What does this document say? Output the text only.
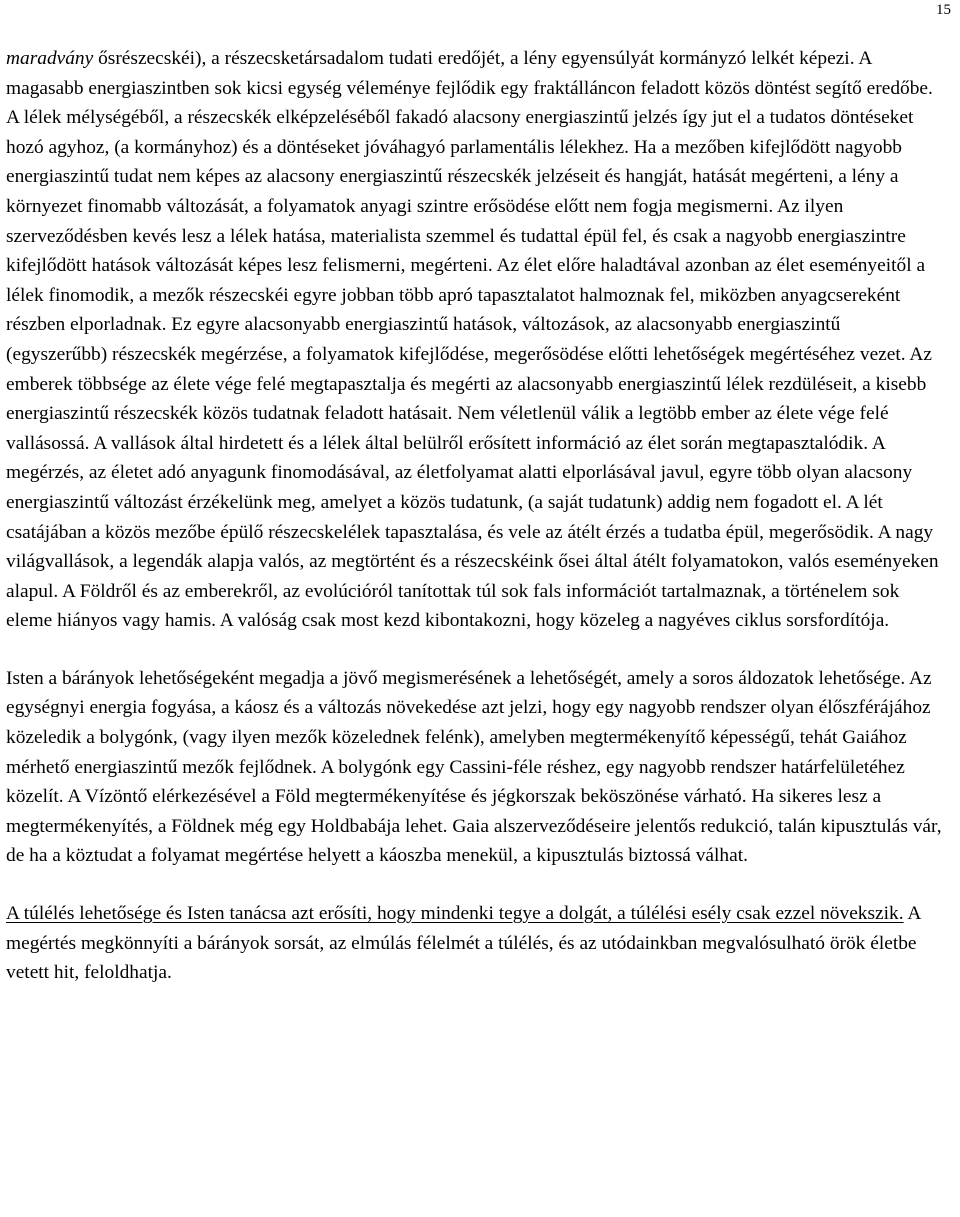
15

maradvány ősrészecskéi), a részecsketársadalom tudati eredőjét, a lény egyensúlyát kormányzó lelkét képezi. A magasabb energiaszintben sok kicsi egység véleménye fejlődik egy fraktálláncon feladott közös döntést segítő eredőbe. A lélek mélységéből, a részecskék elképzeléséből fakadó alacsony energiaszintű jelzés így jut el a tudatos döntéseket hozó agyhoz, (a kormányhoz) és a döntéseket jóváhagyó parlamentális lélekhez. Ha a mezőben kifejlődött nagyobb energiaszintű tudat nem képes az alacsony energiaszintű részecskék jelzéseit és hangját, hatását megérteni, a lény a környezet finomabb változását, a folyamatok anyagi szintre erősödése előtt nem fogja megismerni. Az ilyen szerveződésben kevés lesz a lélek hatása, materialista szemmel és tudattal épül fel, és csak a nagyobb energiaszintre kifejlődött hatások változását képes lesz felismerni, megérteni. Az élet előre haladtával azonban az élet eseményeitől a lélek finomodik, a mezők részecskéi egyre jobban több apró tapasztalatot halmoznak fel, miközben anyagcsereként részben elporladnak. Ez egyre alacsonyabb energiaszintű hatások, változások, az alacsonyabb energiaszintű (egyszerűbb) részecskék megérzése, a folyamatok kifejlődése, megerősödése előtti lehetőségek megértéséhez vezet. Az emberek többsége az élete vége felé megtapasztalja és megérti az alacsonyabb energiaszintű lélek rezdüléseit, a kisebb energiaszintű részecskék közös tudatnak feladott hatásait. Nem véletlenül válik a legtöbb ember az élete vége felé vallásossá. A vallások által hirdetett és a lélek által belülről erősített információ az élet során megtapasztalódik. A megérzés, az életet adó anyagunk finomodásával, az életfolyamat alatti elporlásával javul, egyre több olyan alacsony energiaszintű változást érzékelünk meg, amelyet a közös tudatunk, (a saját tudatunk) addig nem fogadott el. A lét csatájában a közös mezőbe épülő részecskelélek tapasztalása, és vele az átélt érzés a tudatba épül, megerősödik. A nagy világvallások, a legendák alapja valós, az megtörtént és a részecskéink ősei által átélt folyamatokon, valós eseményeken alapul. A Földről és az emberekről, az evolúcióról tanítottak túl sok fals információt tartalmaznak, a történelem sok eleme hiányos vagy hamis. A valóság csak most kezd kibontakozni, hogy közeleg a nagyéves ciklus sorsfordítója.

Isten a bárányok lehetőségeként megadja a jövő megismerésének a lehetőségét, amely a soros áldozatok lehetősége. Az egységnyi energia fogyása, a káosz és a változás növekedése azt jelzi, hogy egy nagyobb rendszer olyan élőszférájához közeledik a bolygónk, (vagy ilyen mezők közelednek felénk), amelyben megtermékenyítő képességű, tehát Gaiához mérhető energiaszintű mezők fejlődnek. A bolygónk egy Cassini-féle réshez, egy nagyobb rendszer határfelületéhez közelít. A Vízöntő elérkezésével a Föld megtermékenyítése és jégkorszak beköszönése várható. Ha sikeres lesz a megtermékenyítés, a Földnek még egy Holdbabája lehet. Gaia alszerveződéseire jelentős redukció, talán kipusztulás vár, de ha a köztudat a folyamat megértése helyett a káoszba menekül, a kipusztulás biztossá válhat.

A túlélés lehetősége és Isten tanácsa azt erősíti, hogy mindenki tegye a dolgát, a túlélési esély csak ezzel növekszik. A megértés megkönnyíti a bárányok sorsát, az elmúlás félelmét a túlélés, és az utódainkban megvalósulható örök életbe vetett hit, feloldhatja.
